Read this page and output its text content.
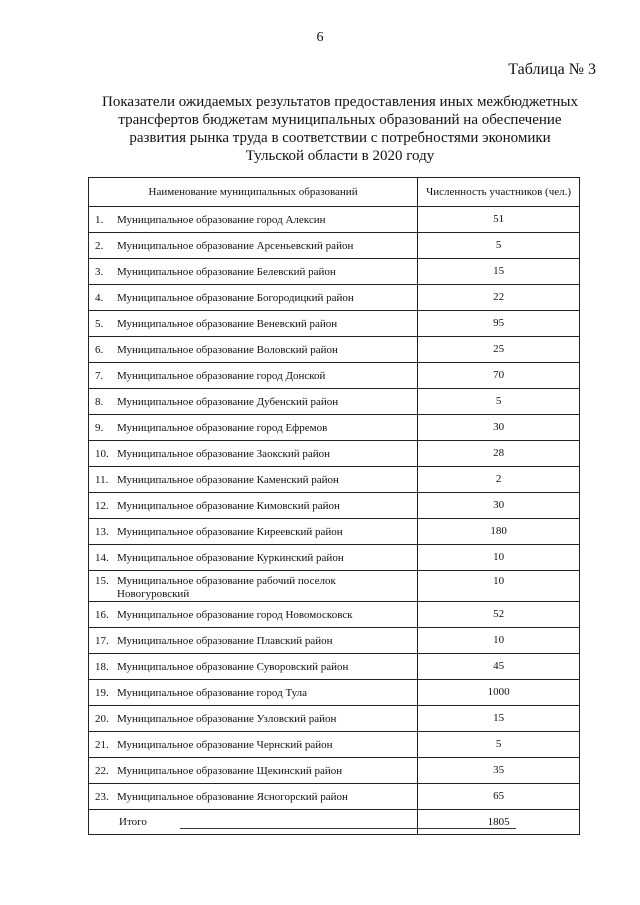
6
Таблица № 3
Показатели ожидаемых результатов предоставления иных межбюджетных
трансфертов бюджетам муниципальных образований на обеспечение
развития рынка труда в соответствии с потребностями экономики
Тульской области в 2020 году
Наименование муниципальных образований	Численность участников (чел.)
1. Муниципальное образование город Алексин	51
2. Муниципальное образование Арсеньевский район	5
3. Муниципальное образование Белевский район	15
4. Муниципальное образование Богородицкий район	22
5. Муниципальное образование Веневский район	95
6. Муниципальное образование Воловский район	25
7. Муниципальное образование город Донской	70
8. Муниципальное образование Дубенский район	5
9. Муниципальное образование город Ефремов	30
10. Муниципальное образование Заокский район	28
11. Муниципальное образование Каменский район	2
12. Муниципальное образование Кимовский район	30
13. Муниципальное образование Киреевский район	180
14. Муниципальное образование Куркинский район	10
15. Муниципальное образование рабочий поселок Новогуровский	10
16. Муниципальное образование город Новомосковск	52
17. Муниципальное образование Плавский район	10
18. Муниципальное образование Суворовский район	45
19. Муниципальное образование город Тула	1000
20. Муниципальное образование Узловский район	15
21. Муниципальное образование Чернский район	5
22. Муниципальное образование Щекинский район	35
23. Муниципальное образование Ясногорский район	65
Итого	1805
